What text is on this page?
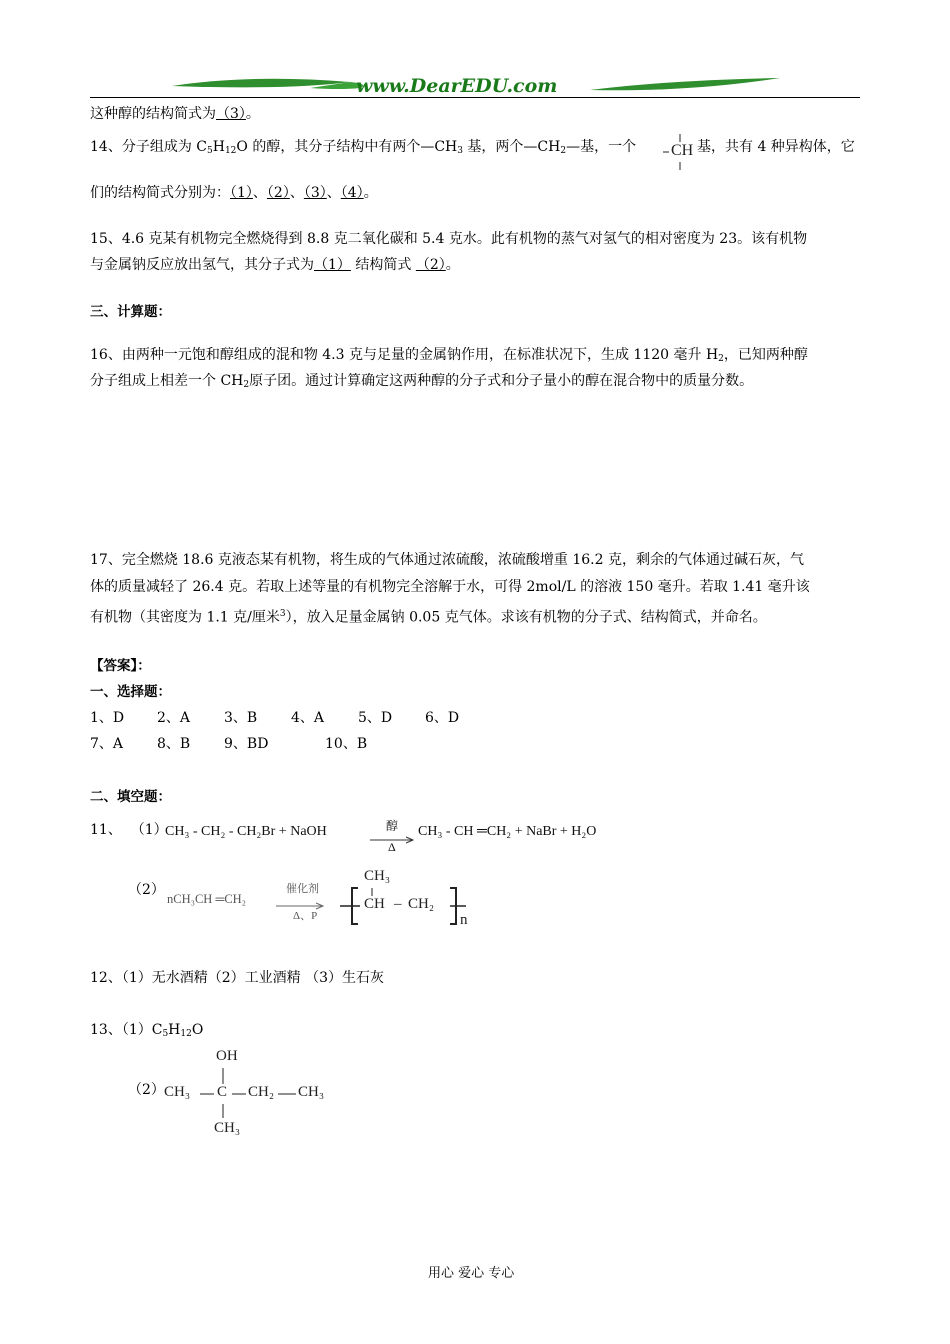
www.DearEDU.com
这种醇的结构简式为（3）。
14、分子组成为 $C_5H_{12}O$ 的醇，其分子结构中有两个$—CH_3$ 基，两个$—CH_2—$基，一个 CH 基，共有 4 种异构体，它
们的结构简式分别为：（1）、（2）、（3）、（4）。
15、4.6 克某有机物完全燃烧得到 8.8 克二氧化碳和 5.4 克水。此有机物的蒸气对氢气的相对密度为 23。该有机物
与金属钠反应放出氢气，其分子式为（1） 结构简式 （2）。
三、计算题：
16、由两种一元饱和醇组成的混和物 4.3 克与足量的金属钠作用，在标准状况下，生成 1120 毫升 $H_2$，已知两种醇
分子组成上相差一个 $CH_2$原子团。通过计算确定这两种醇的分子式和分子量小的醇在混合物中的质量分数。
17、完全燃烧 18.6 克液态某有机物，将生成的气体通过浓硫酸，浓硫酸增重 16.2 克，剩余的气体通过碱石灰，气
体的质量减轻了 26.4 克。若取上述等量的有机物完全溶解于水，可得 2mol/L 的溶液 150 毫升。若取 1.41 毫升该
有机物（其密度为 1.1 克/厘米$^3$），放入足量金属钠 0.05 克气体。求该有机物的分子式、结构简式，并命名。
【答案】：
一、选择题：
1、D 2、A 3、B 4、A 5、D 6、D
7、A 8、B 9、BD	10、B
二、填空题：
11、 （1）
CH₃ - CH₂ - CH₂Br + NaOH	醇
Δ
CH₃ - CH ═CH₂ + NaBr + H₂O
（2）
nCH₃CH ═CH₂
催化剂
Δ、P
CH₃
CH – CH₂
n
12、（1）无水酒精（2）工业酒精 （3）生石灰
13、$(1)C_5H_{12}O$
（2）
OH
CH₃ C CH₂ CH₃
CH₃
用心 爱心 专心
